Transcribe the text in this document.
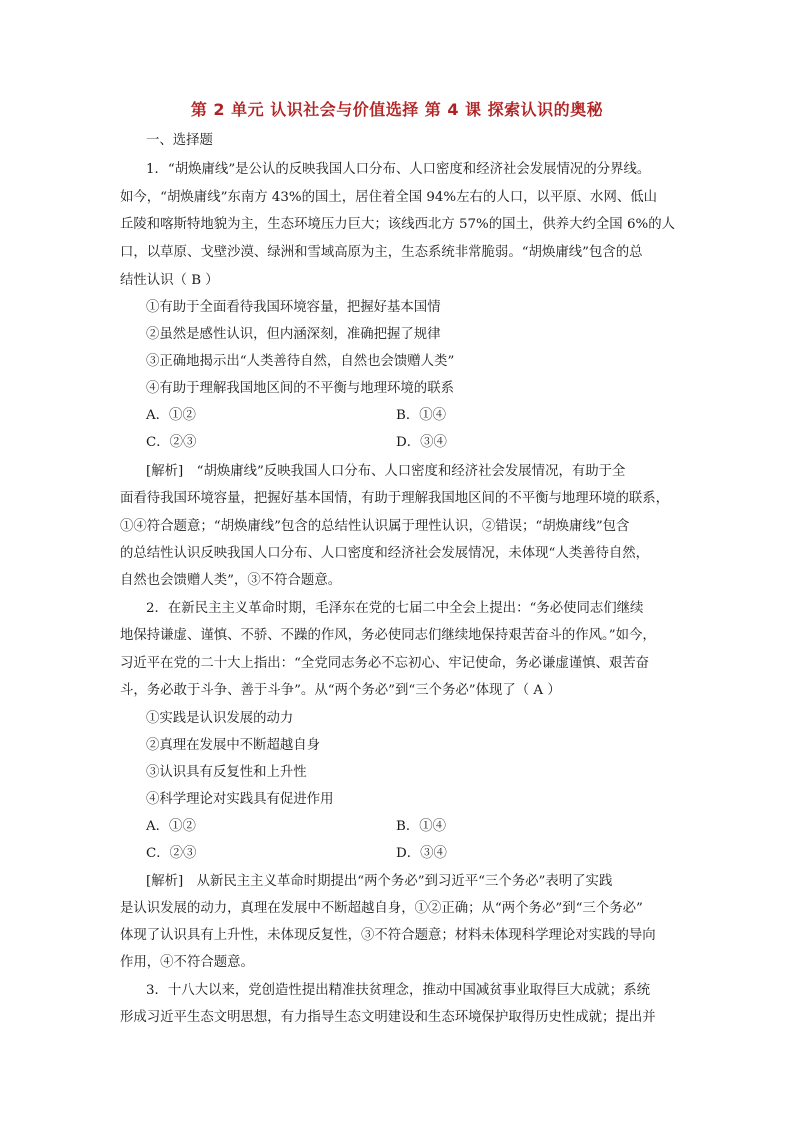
第 2 单元 认识社会与价值选择 第 4 课 探索认识的奥秘
一、选择题
1．“胡焕庸线”是公认的反映我国人口分布、人口密度和经济社会发展情况的分界线。
如今，“胡焕庸线”东南方 43%的国土，居住着全国 94%左右的人口，以平原、水网、低山
丘陵和喀斯特地貌为主，生态环境压力巨大；该线西北方 57%的国土，供养大约全国 6%的人
口，以草原、戈壁沙漠、绿洲和雪域高原为主，生态系统非常脆弱。“胡焕庸线”包含的总
结性认识（ B ）
①有助于全面看待我国环境容量，把握好基本国情
②虽然是感性认识，但内涵深刻，准确把握了规律
③正确地揭示出“人类善待自然，自然也会馈赠人类”
④有助于理解我国地区间的不平衡与地理环境的联系
A．①②	B．①④
C．②③	D．③④
[解析]　“胡焕庸线”反映我国人口分布、人口密度和经济社会发展情况，有助于全
面看待我国环境容量，把握好基本国情，有助于理解我国地区间的不平衡与地理环境的联系，
①④符合题意；“胡焕庸线”包含的总结性认识属于理性认识，②错误；“胡焕庸线”包含
的总结性认识反映我国人口分布、人口密度和经济社会发展情况，未体现“人类善待自然，
自然也会馈赠人类”，③不符合题意。
2．在新民主主义革命时期，毛泽东在党的七届二中全会上提出：“务必使同志们继续
地保持谦虚、谨慎、不骄、不躁的作风，务必使同志们继续地保持艰苦奋斗的作风。”如今，
习近平在党的二十大上指出：“全党同志务必不忘初心、牢记使命，务必谦虚谨慎、艰苦奋
斗，务必敢于斗争、善于斗争”。从“两个务必”到“三个务必”体现了（ A ）
①实践是认识发展的动力
②真理在发展中不断超越自身
③认识具有反复性和上升性
④科学理论对实践具有促进作用
A．①②	B．①④
C．②③	D．③④
[解析]　从新民主主义革命时期提出“两个务必”到习近平“三个务必”表明了实践
是认识发展的动力，真理在发展中不断超越自身，①②正确；从“两个务必”到“三个务必”
体现了认识具有上升性，未体现反复性，③不符合题意；材料未体现科学理论对实践的导向
作用，④不符合题意。
3．十八大以来，党创造性提出精准扶贫理念，推动中国减贫事业取得巨大成就；系统
形成习近平生态文明思想，有力指导生态文明建设和生态环境保护取得历史性成就；提出并
